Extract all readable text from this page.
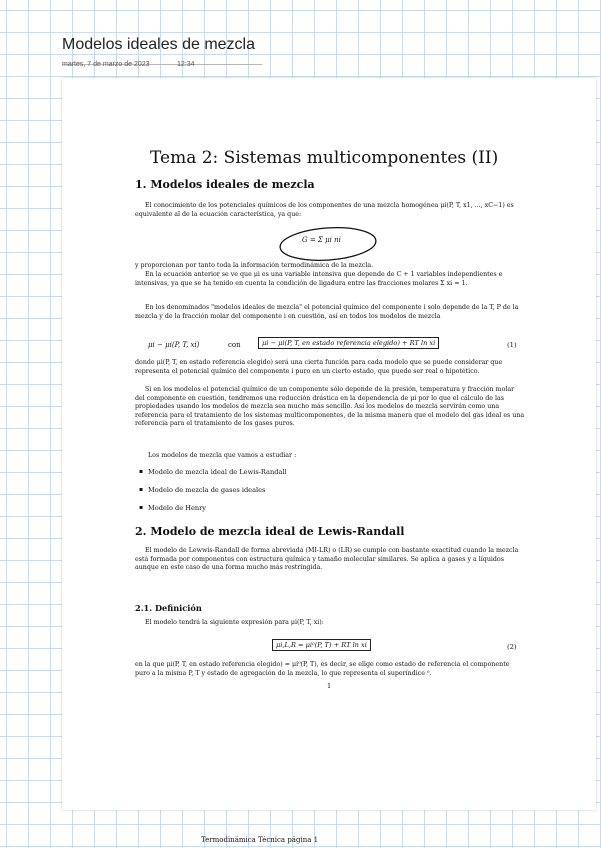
Modelos ideales de mezcla
martes, 7 de marzo de 2023	12:34
Tema 2: Sistemas multicomponentes (II)
1. Modelos ideales de mezcla
El conocimiento de los potenciales químicos de los componentes de una mezcla homogénea μi(P, T, x1, ..., xC−1) es equivalente al de la ecuación característica, ya que:
G = Σ μi ni
y proporcionan por tanto toda la información termodinámica de la mezcla.
En la ecuación anterior se ve que μi es una variable intensiva que depende de C + 1 variables independientes e intensivas, ya que se ha tenido en cuenta la condición de ligadura entre las fracciones molares Σ xi = 1.
En los denominados "modelos ideales de mezcla" el potencial químico del componente i solo depende de la T, P de la mezcla y de la fracción molar del componente i en cuestión, así en todos los modelos de mezcla
μi − μi(P, T, xi)	con	μi − μi(P, T, en estado referencia elegido) + RT ln xi	(1)
donde μi(P, T, en estado referencia elegido) será una cierta función para cada modelo que se puede considerar que representa el potencial químico del componente i puro en un cierto estado, que puede ser real o hipotético.
Si en los modelos el potencial químico de un componente sólo depende de la presión, temperatura y fracción molar del componente en cuestión, tendremos una reducción drástica en la dependencia de μi por lo que el cálculo de las propiedades usando los modelos de mezcla sea mucho más sencillo. Así los modelos de mezcla servirán como una referencia para el tratamiento de los sistemas multicomponentes, de la misma manera que el modelo del gas ideal es una referencia para el tratamiento de los gases puros.
Los modelos de mezcla que vamos a estudiar :
▪ Modelo de mezcla ideal de Lewis-Randall
▪ Modelo de mezcla de gases ideales
▪ Modelo de Henry
2. Modelo de mezcla ideal de Lewis-Randall
El modelo de Lewwis-Randall de forma abreviada (MI-LR) o (LR) se cumple con bastante exactitud cuando la mezcla está formada por componentes con estructura química y tamaño molecular similares. Se aplica a gases y a líquidos aunque en este caso de una forma mucho más restringida.
2.1. Definición
El modelo tendrá la siguiente expresión para μi(P, T, xi):
μi,L,R = μi⁰(P, T) + RT ln xi	(2)
en la que μi(P, T, en estado referencia elegido) = μi⁰(P, T), es decir, se elige como estado de referencia el componente puro a la misma P, T y estado de agregación de la mezcla, lo que representa el superíndice ⁰.
1
Termodinámica Técnica página 1
